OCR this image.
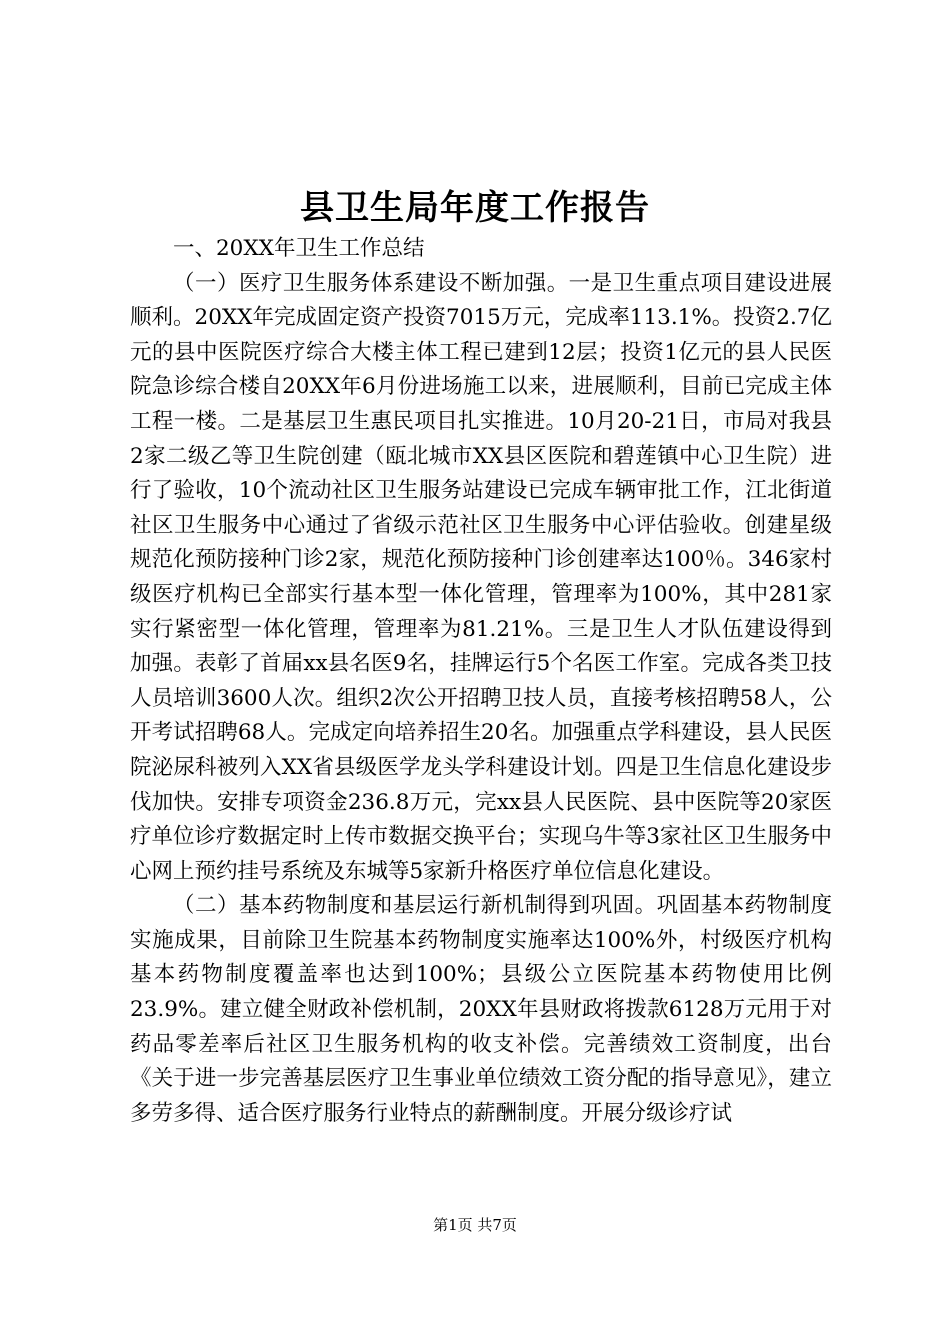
县卫生局年度工作报告

一、20XX年卫生工作总结

（一）医疗卫生服务体系建设不断加强。一是卫生重点项目建设进展顺利。20XX年完成固定资产投资7015万元，完成率113.1%。投资2.7亿元的县中医院医疗综合大楼主体工程已建到12层；投资1亿元的县人民医院急诊综合楼自20XX年6月份进场施工以来，进展顺利，目前已完成主体工程一楼。二是基层卫生惠民项目扎实推进。10月20-21日，市局对我县2家二级乙等卫生院创建（瓯北城市XX县区医院和碧莲镇中心卫生院）进行了验收，10个流动社区卫生服务站建设已完成车辆审批工作，江北街道社区卫生服务中心通过了省级示范社区卫生服务中心评估验收。创建星级规范化预防接种门诊2家，规范化预防接种门诊创建率达100％。346家村级医疗机构已全部实行基本型一体化管理，管理率为100%，其中281家实行紧密型一体化管理，管理率为81.21%。三是卫生人才队伍建设得到加强。表彰了首届xx县名医9名，挂牌运行5个名医工作室。完成各类卫技人员培训3600人次。组织2次公开招聘卫技人员，直接考核招聘58人，公开考试招聘68人。完成定向培养招生20名。加强重点学科建设，县人民医院泌尿科被列入XX省县级医学龙头学科建设计划。四是卫生信息化建设步伐加快。安排专项资金236.8万元，完xx县人民医院、县中医院等20家医疗单位诊疗数据定时上传市数据交换平台；实现乌牛等3家社区卫生服务中心网上预约挂号系统及东城等5家新升格医疗单位信息化建设。

（二）基本药物制度和基层运行新机制得到巩固。巩固基本药物制度实施成果，目前除卫生院基本药物制度实施率达100%外，村级医疗机构基本药物制度覆盖率也达到100%；县级公立医院基本药物使用比例23.9%。建立健全财政补偿机制，20XX年县财政将拨款6128万元用于对药品零差率后社区卫生服务机构的收支补偿。完善绩效工资制度，出台《关于进一步完善基层医疗卫生事业单位绩效工资分配的指导意见》，建立多劳多得、适合医疗服务行业特点的薪酬制度。开展分级诊疗试

第1页 共7页
